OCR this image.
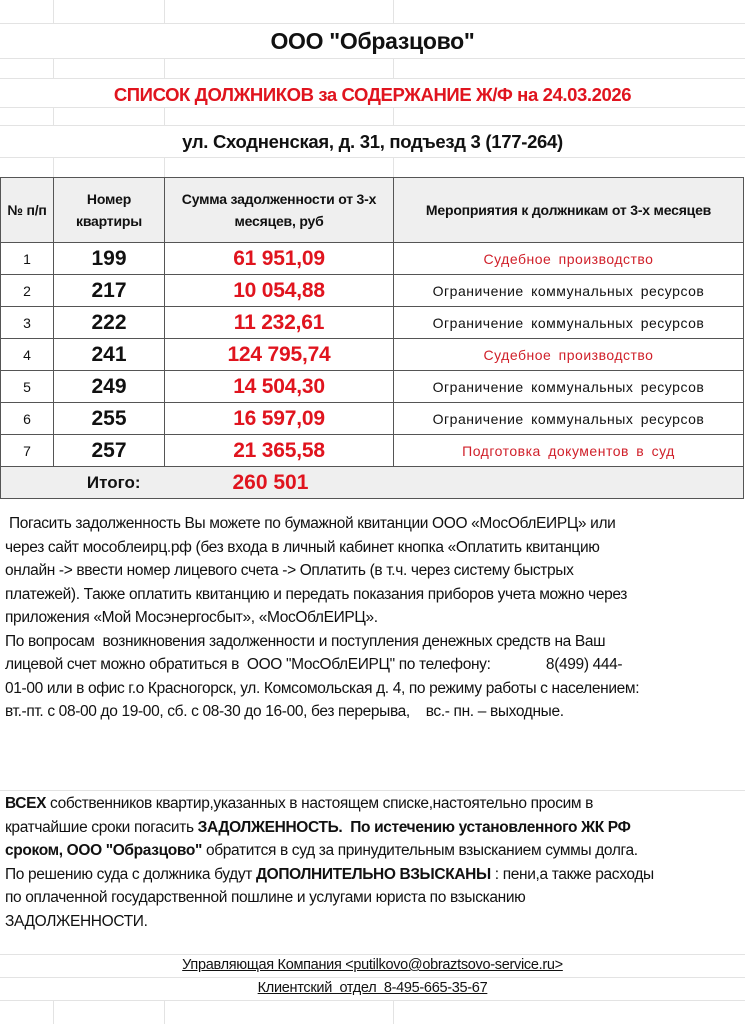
ООО "Образцово"
СПИСОК ДОЛЖНИКОВ за СОДЕРЖАНИЕ Ж/Ф на 24.03.2026
ул. Сходненская, д. 31, подъезд 3 (177-264)
№ п/п	Номер квартиры	Сумма задолженности от 3-х месяцев, руб	Мероприятия к должникам от 3-х месяцев
1	199	61 951,09	Судебное производство
2	217	10 054,88	Ограничение коммунальных ресурсов
3	222	11 232,61	Ограничение коммунальных ресурсов
4	241	124 795,74	Судебное производство
5	249	14 504,30	Ограничение коммунальных ресурсов
6	255	16 597,09	Ограничение коммунальных ресурсов
7	257	21 365,58	Подготовка документов в суд
Итого:		260 501	

Погасить задолженность Вы можете по бумажной квитанции ООО «МосОблЕИРЦ» или

через сайт мособлеирц.рф (без входа в личный кабинет кнопка «Оплатить квитанцию

онлайн -> ввести номер лицевого счета -> Оплатить (в т.ч. через систему быстрых

платежей). Также оплатить квитанцию и передать показания приборов учета можно через

приложения «Мой Мосэнергосбыт», «МосОблЕИРЦ».

По вопросам  возникновения задолженности и поступления денежных средств на Ваш

лицевой счет можно обратиться в  ООО "МосОблЕИРЦ" по телефону:              8(499) 444-

01-00 или в офис г.о Красногорск, ул. Комсомольская д. 4, по режиму работы с населением:

вт.-пт. с 08-00 до 19-00, сб. с 08-30 до 16-00, без перерыва,    вс.- пн. – выходные.

ВСЕХ собственников квартир,указанных в настоящем списке,настоятельно просим в

кратчайшие сроки погасить ЗАДОЛЖЕННОСТЬ.  По истечению установленного ЖК РФ

сроком, ООО "Образцово" обратится в суд за принудительным взысканием суммы долга.

По решению суда с должника будут ДОПОЛНИТЕЛЬНО ВЗЫСКАНЫ : пени,а также расходы

по оплаченной государственной пошлине и услугами юриста по взысканию

ЗАДОЛЖЕННОСТИ.

Управляющая Компания <putilkovo@obraztsovo-service.ru>
Клиентский  отдел  8-495-665-35-67
